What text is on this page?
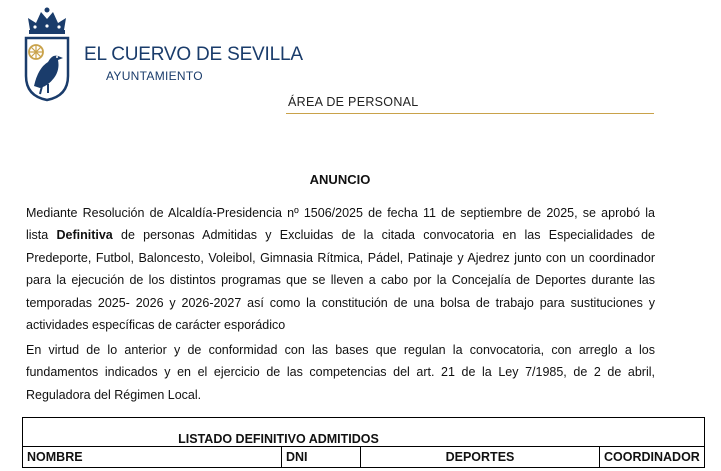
EL CUERVO DE SEVILLA
AYUNTAMIENTO
ÁREA DE PERSONAL
ANUNCIO
Mediante Resolución de Alcaldía-Presidencia nº 1506/2025 de fecha 11 de septiembre de 2025, se aprobó la lista Definitiva de personas Admitidas y Excluidas de la citada convocatoria en las Especialidades de Predeporte, Futbol, Baloncesto, Voleibol, Gimnasia Rítmica, Pádel, Patinaje y Ajedrez junto con un coordinador para la ejecución de los distintos programas que se lleven a cabo por la Concejalía de Deportes durante las temporadas 2025- 2026 y 2026-2027 así como la constitución de una bolsa de trabajo para sustituciones y actividades específicas de carácter esporádico
En virtud de lo anterior y de conformidad con las bases que regulan la convocatoria, con arreglo a los fundamentos indicados y en el ejercicio de las competencias del art. 21 de la Ley 7/1985, de 2 de abril, Reguladora del Régimen Local.
LISTADO DEFINITIVO ADMITIDOS
NOMBRE	DNI	DEPORTES	COORDINADOR
